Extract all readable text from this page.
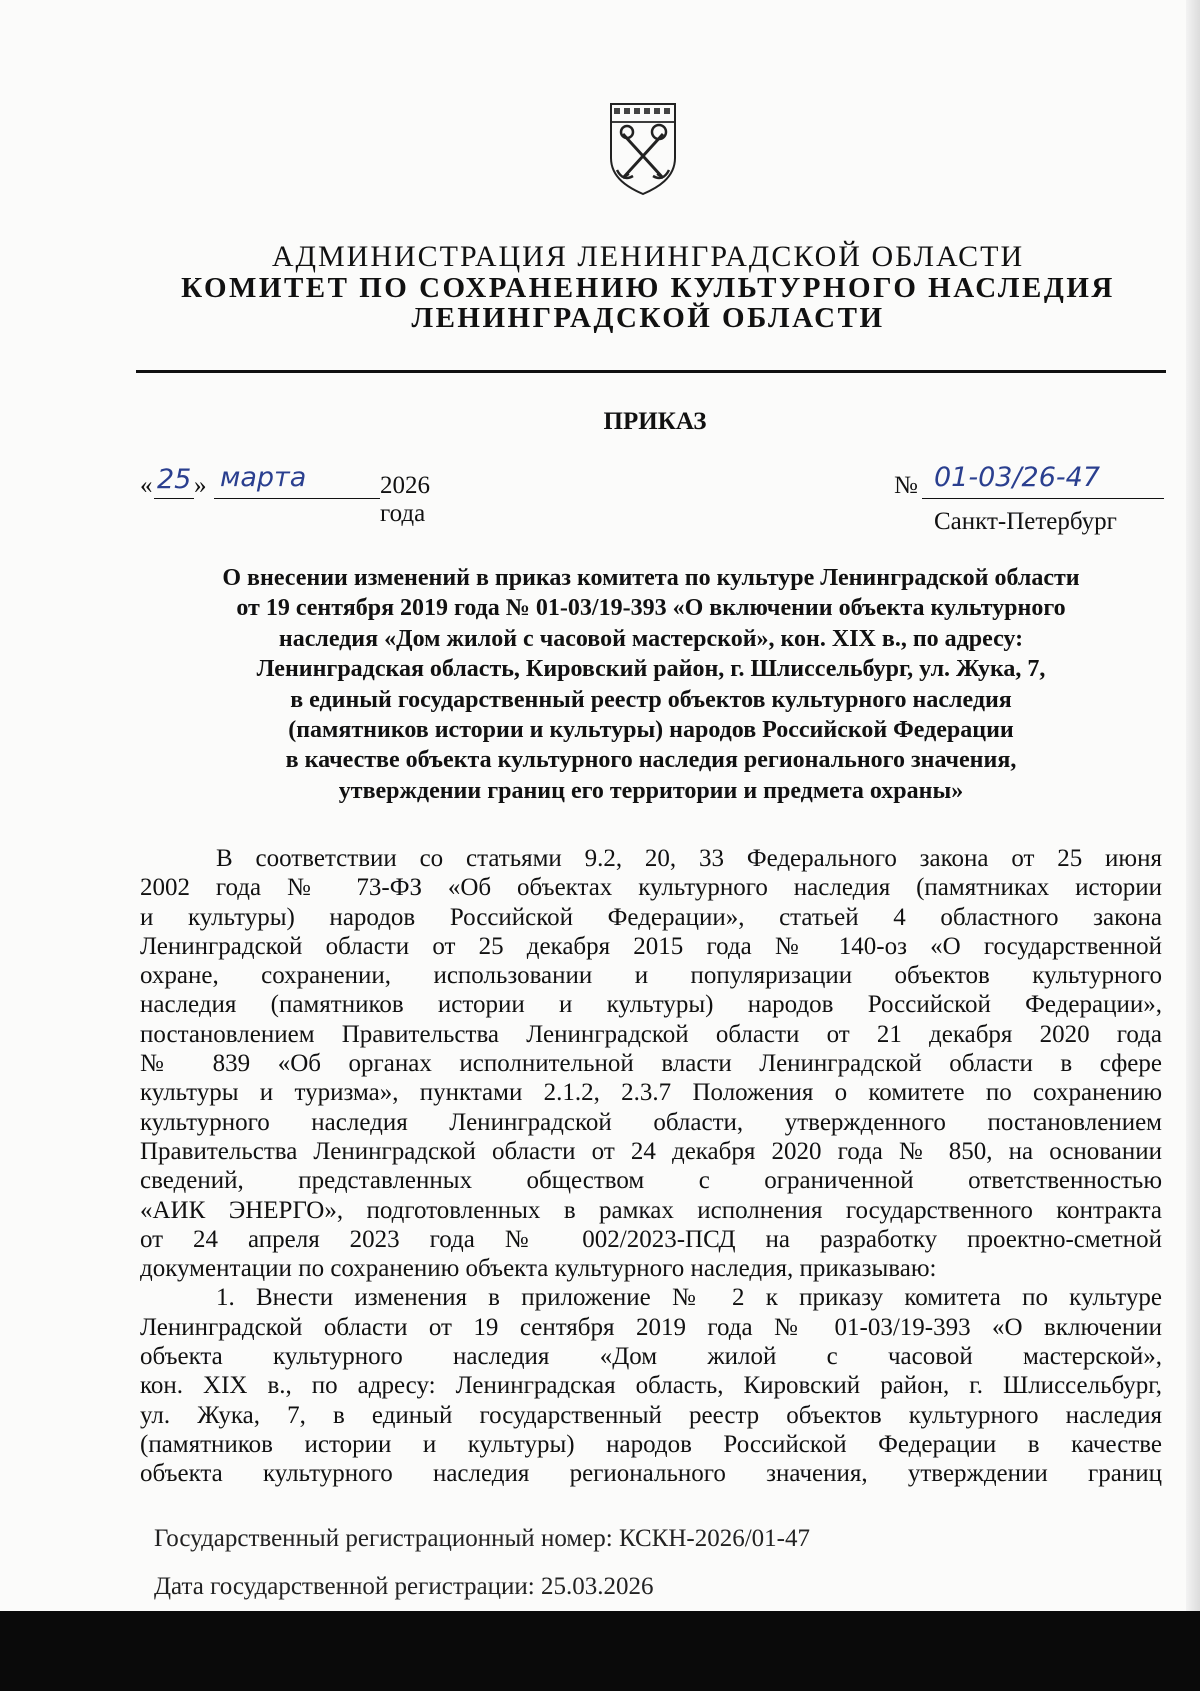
АДМИНИСТРАЦИЯ ЛЕНИНГРАДСКОЙ ОБЛАСТИ
КОМИТЕТ ПО СОХРАНЕНИЮ КУЛЬТУРНОГО НАСЛЕДИЯ
ЛЕНИНГРАДСКОЙ ОБЛАСТИ
ПРИКАЗ
« 25 » марта	2026 года
№ 01-03/26-47
Санкт-Петербург
О внесении изменений в приказ комитета по культуре Ленинградской области
от 19 сентября 2019 года № 01-03/19-393 «О включении объекта культурного
наследия «Дом жилой с часовой мастерской», кон. XIX в., по адресу:
Ленинградская область, Кировский район, г. Шлиссельбург, ул. Жука, 7,
в единый государственный реестр объектов культурного наследия
(памятников истории и культуры) народов Российской Федерации
в качестве объекта культурного наследия регионального значения,
утверждении границ его территории и предмета охраны»
В соответствии со статьями 9.2, 20, 33 Федерального закона от 25 июня
2002 года № 73-ФЗ «Об объектах культурного наследия (памятниках истории
и культуры) народов Российской Федерации», статьей 4 областного закона
Ленинградской области от 25 декабря 2015 года № 140-оз «О государственной
охране, сохранении, использовании и популяризации объектов культурного
наследия (памятников истории и культуры) народов Российской Федерации»,
постановлением Правительства Ленинградской области от 21 декабря 2020 года
№ 839 «Об органах исполнительной власти Ленинградской области в сфере
культуры и туризма», пунктами 2.1.2, 2.3.7 Положения о комитете по сохранению
культурного наследия Ленинградской области, утвержденного постановлением
Правительства Ленинградской области от 24 декабря 2020 года № 850, на основании
сведений, представленных обществом с ограниченной ответственностью
«АИК ЭНЕРГО», подготовленных в рамках исполнения государственного контракта
от 24 апреля 2023 года № 002/2023-ПСД на разработку проектно-сметной
документации по сохранению объекта культурного наследия, приказываю:
1. Внести изменения в приложение № 2 к приказу комитета по культуре
Ленинградской области от 19 сентября 2019 года № 01-03/19-393 «О включении
объекта культурного наследия «Дом жилой с часовой мастерской»,
кон. XIX в., по адресу: Ленинградская область, Кировский район, г. Шлиссельбург,
ул. Жука, 7, в единый государственный реестр объектов культурного наследия
(памятников истории и культуры) народов Российской Федерации в качестве
объекта культурного наследия регионального значения, утверждении границ
Государственный регистрационный номер: КСКН-2026/01-47
Дата государственной регистрации: 25.03.2026
